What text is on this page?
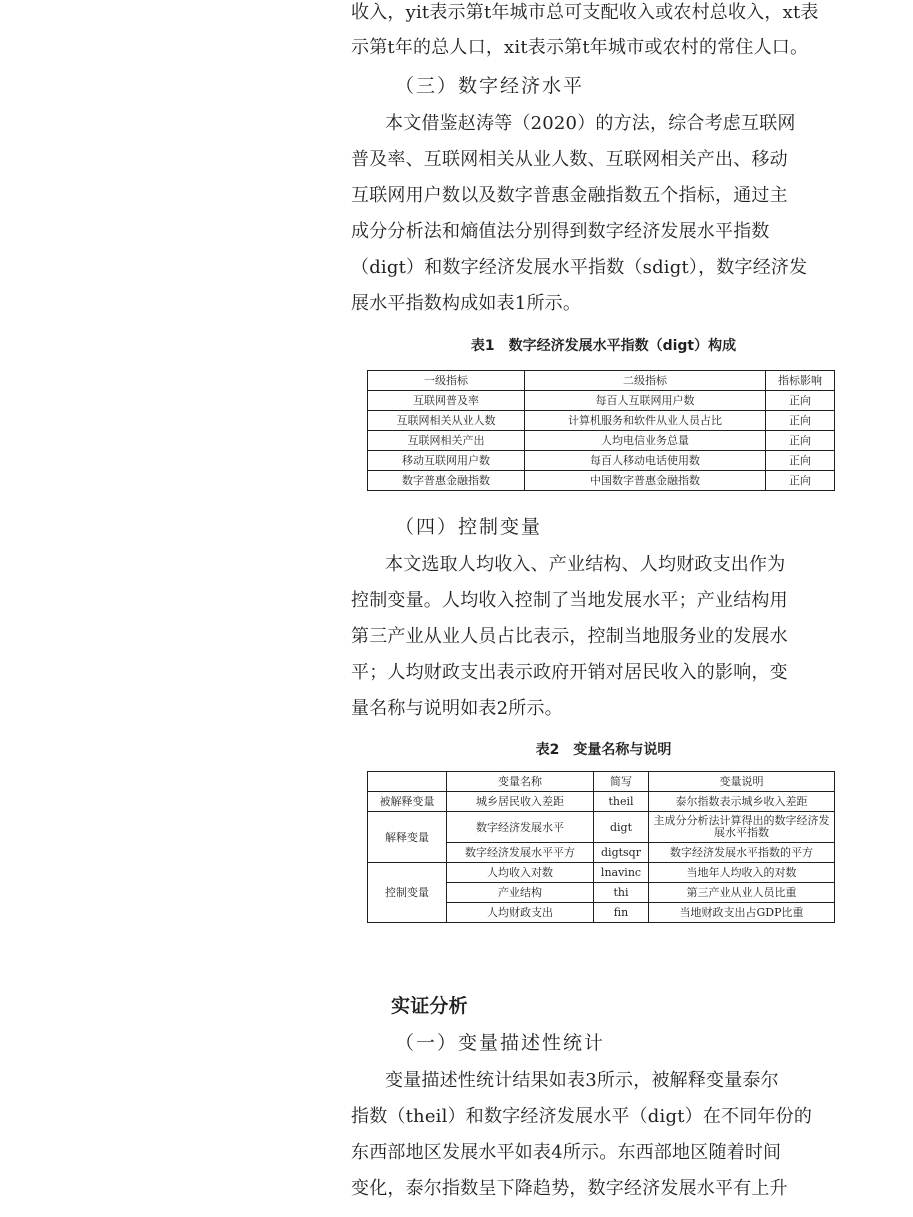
收入，yit表示第t年城市总可支配收入或农村总收入，xt表
示第t年的总人口，xit表示第t年城市或农村的常住人口。
（三）数字经济水平
本文借鉴赵涛等（2020）的方法，综合考虑互联网
普及率、互联网相关从业人数、互联网相关产出、移动
互联网用户数以及数字普惠金融指数五个指标，通过主
成分分析法和熵值法分别得到数字经济发展水平指数
（digt）和数字经济发展水平指数（sdigt），数字经济发
展水平指数构成如表1所示。
表1 数字经济发展水平指数（digt）构成
一级指标	二级指标	指标影响
互联网普及率	每百人互联网用户数	正向
互联网相关从业人数	计算机服务和软件从业人员占比	正向
互联网相关产出	人均电信业务总量	正向
移动互联网用户数	每百人移动电话使用数	正向
数字普惠金融指数	中国数字普惠金融指数	正向
（四）控制变量
本文选取人均收入、产业结构、人均财政支出作为
控制变量。人均收入控制了当地发展水平；产业结构用
第三产业从业人员占比表示，控制当地服务业的发展水
平；人均财政支出表示政府开销对居民收入的影响，变
量名称与说明如表2所示。
表2 变量名称与说明
	变量名称	简写	变量说明
被解释变量	城乡居民收入差距	theil	泰尔指数表示城乡收入差距
解释变量	数字经济发展水平	digt	主成分分析法计算得出的数字经济发展水平指数
	数字经济发展水平平方	digtsqr	数字经济发展水平指数的平方
控制变量	人均收入对数	lnavinc	当地年人均收入的对数
	产业结构	thi	第三产业从业人员比重
	人均财政支出	fin	当地财政支出占GDP比重
实证分析
（一）变量描述性统计
变量描述性统计结果如表3所示，被解释变量泰尔
指数（theil）和数字经济发展水平（digt）在不同年份的
东西部地区发展水平如表4所示。东西部地区随着时间
变化，泰尔指数呈下降趋势，数字经济发展水平有上升
